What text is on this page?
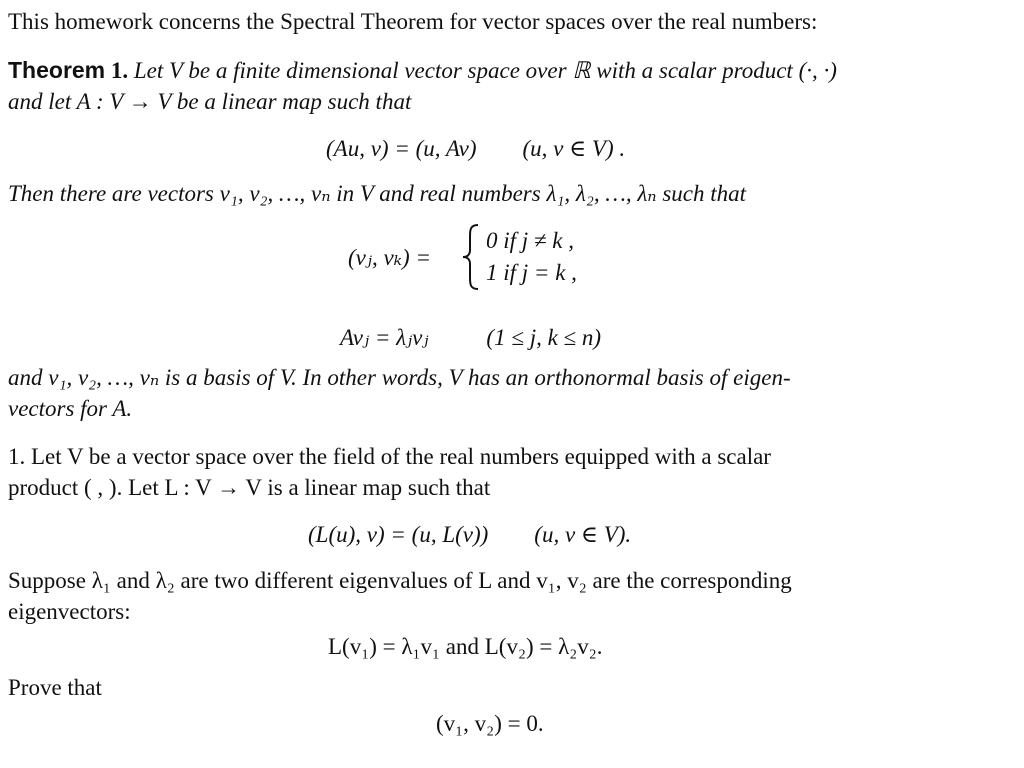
This homework concerns the Spectral Theorem for vector spaces over the real numbers:
Theorem 1. Let V be a finite dimensional vector space over ℝ with a scalar product (·, ·)
and let A : V → V be a linear map such that
(Au, v) = (u, Av) (u, v ∈ V) .
Then there are vectors v₁, v₂, …, vₙ in V and real numbers λ₁, λ₂, …, λₙ such that
(vⱼ, vₖ) =
0 if j ≠ k ,
1 if j = k ,
Avⱼ = λⱼvⱼ	(1 ≤ j, k ≤ n)
and v₁, v₂, …, vₙ is a basis of V. In other words, V has an orthonormal basis of eigen-
vectors for A.
1. Let V be a vector space over the field of the real numbers equipped with a scalar
product ( , ). Let L : V → V is a linear map such that
(L(u), v) = (u, L(v)) (u, v ∈ V).
Suppose λ₁ and λ₂ are two different eigenvalues of L and v₁, v₂ are the corresponding
eigenvectors:
L(v₁) = λ₁v₁ and L(v₂) = λ₂v₂.
Prove that
(v₁, v₂) = 0.
